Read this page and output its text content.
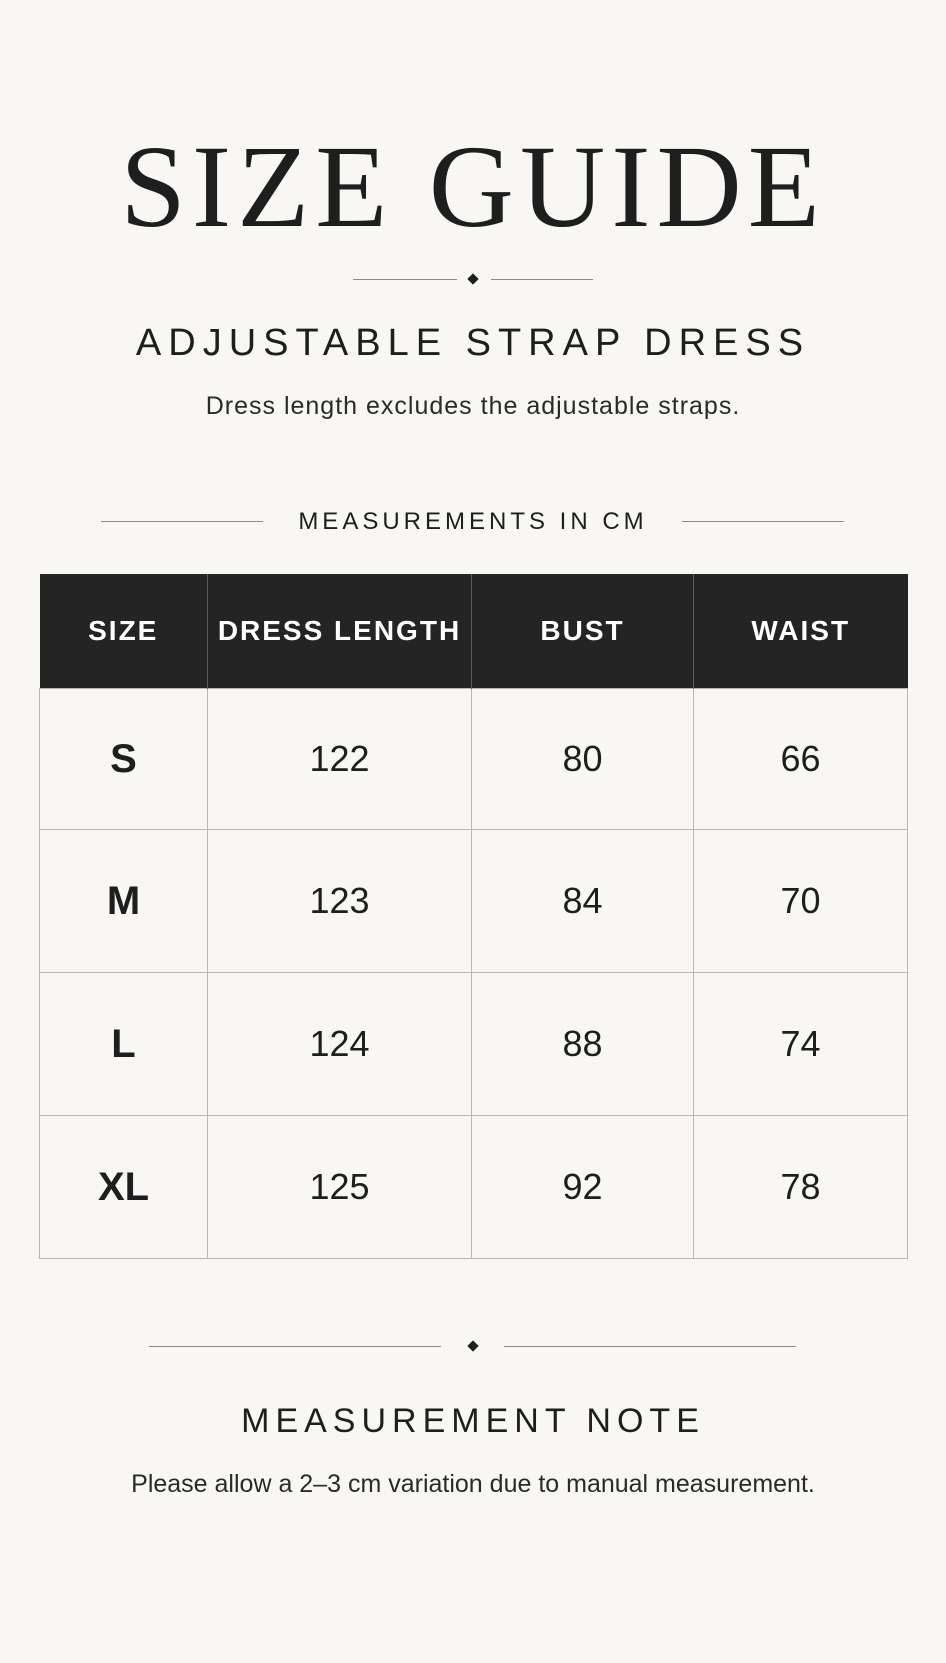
SIZE GUIDE
ADJUSTABLE STRAP DRESS
Dress length excludes the adjustable straps.
MEASUREMENTS IN CM
SIZE	DRESS LENGTH	BUST	WAIST
S	122	80	66
M	123	84	70
L	124	88	74
XL	125	92	78
MEASUREMENT NOTE
Please allow a 2–3 cm variation due to manual measurement.
